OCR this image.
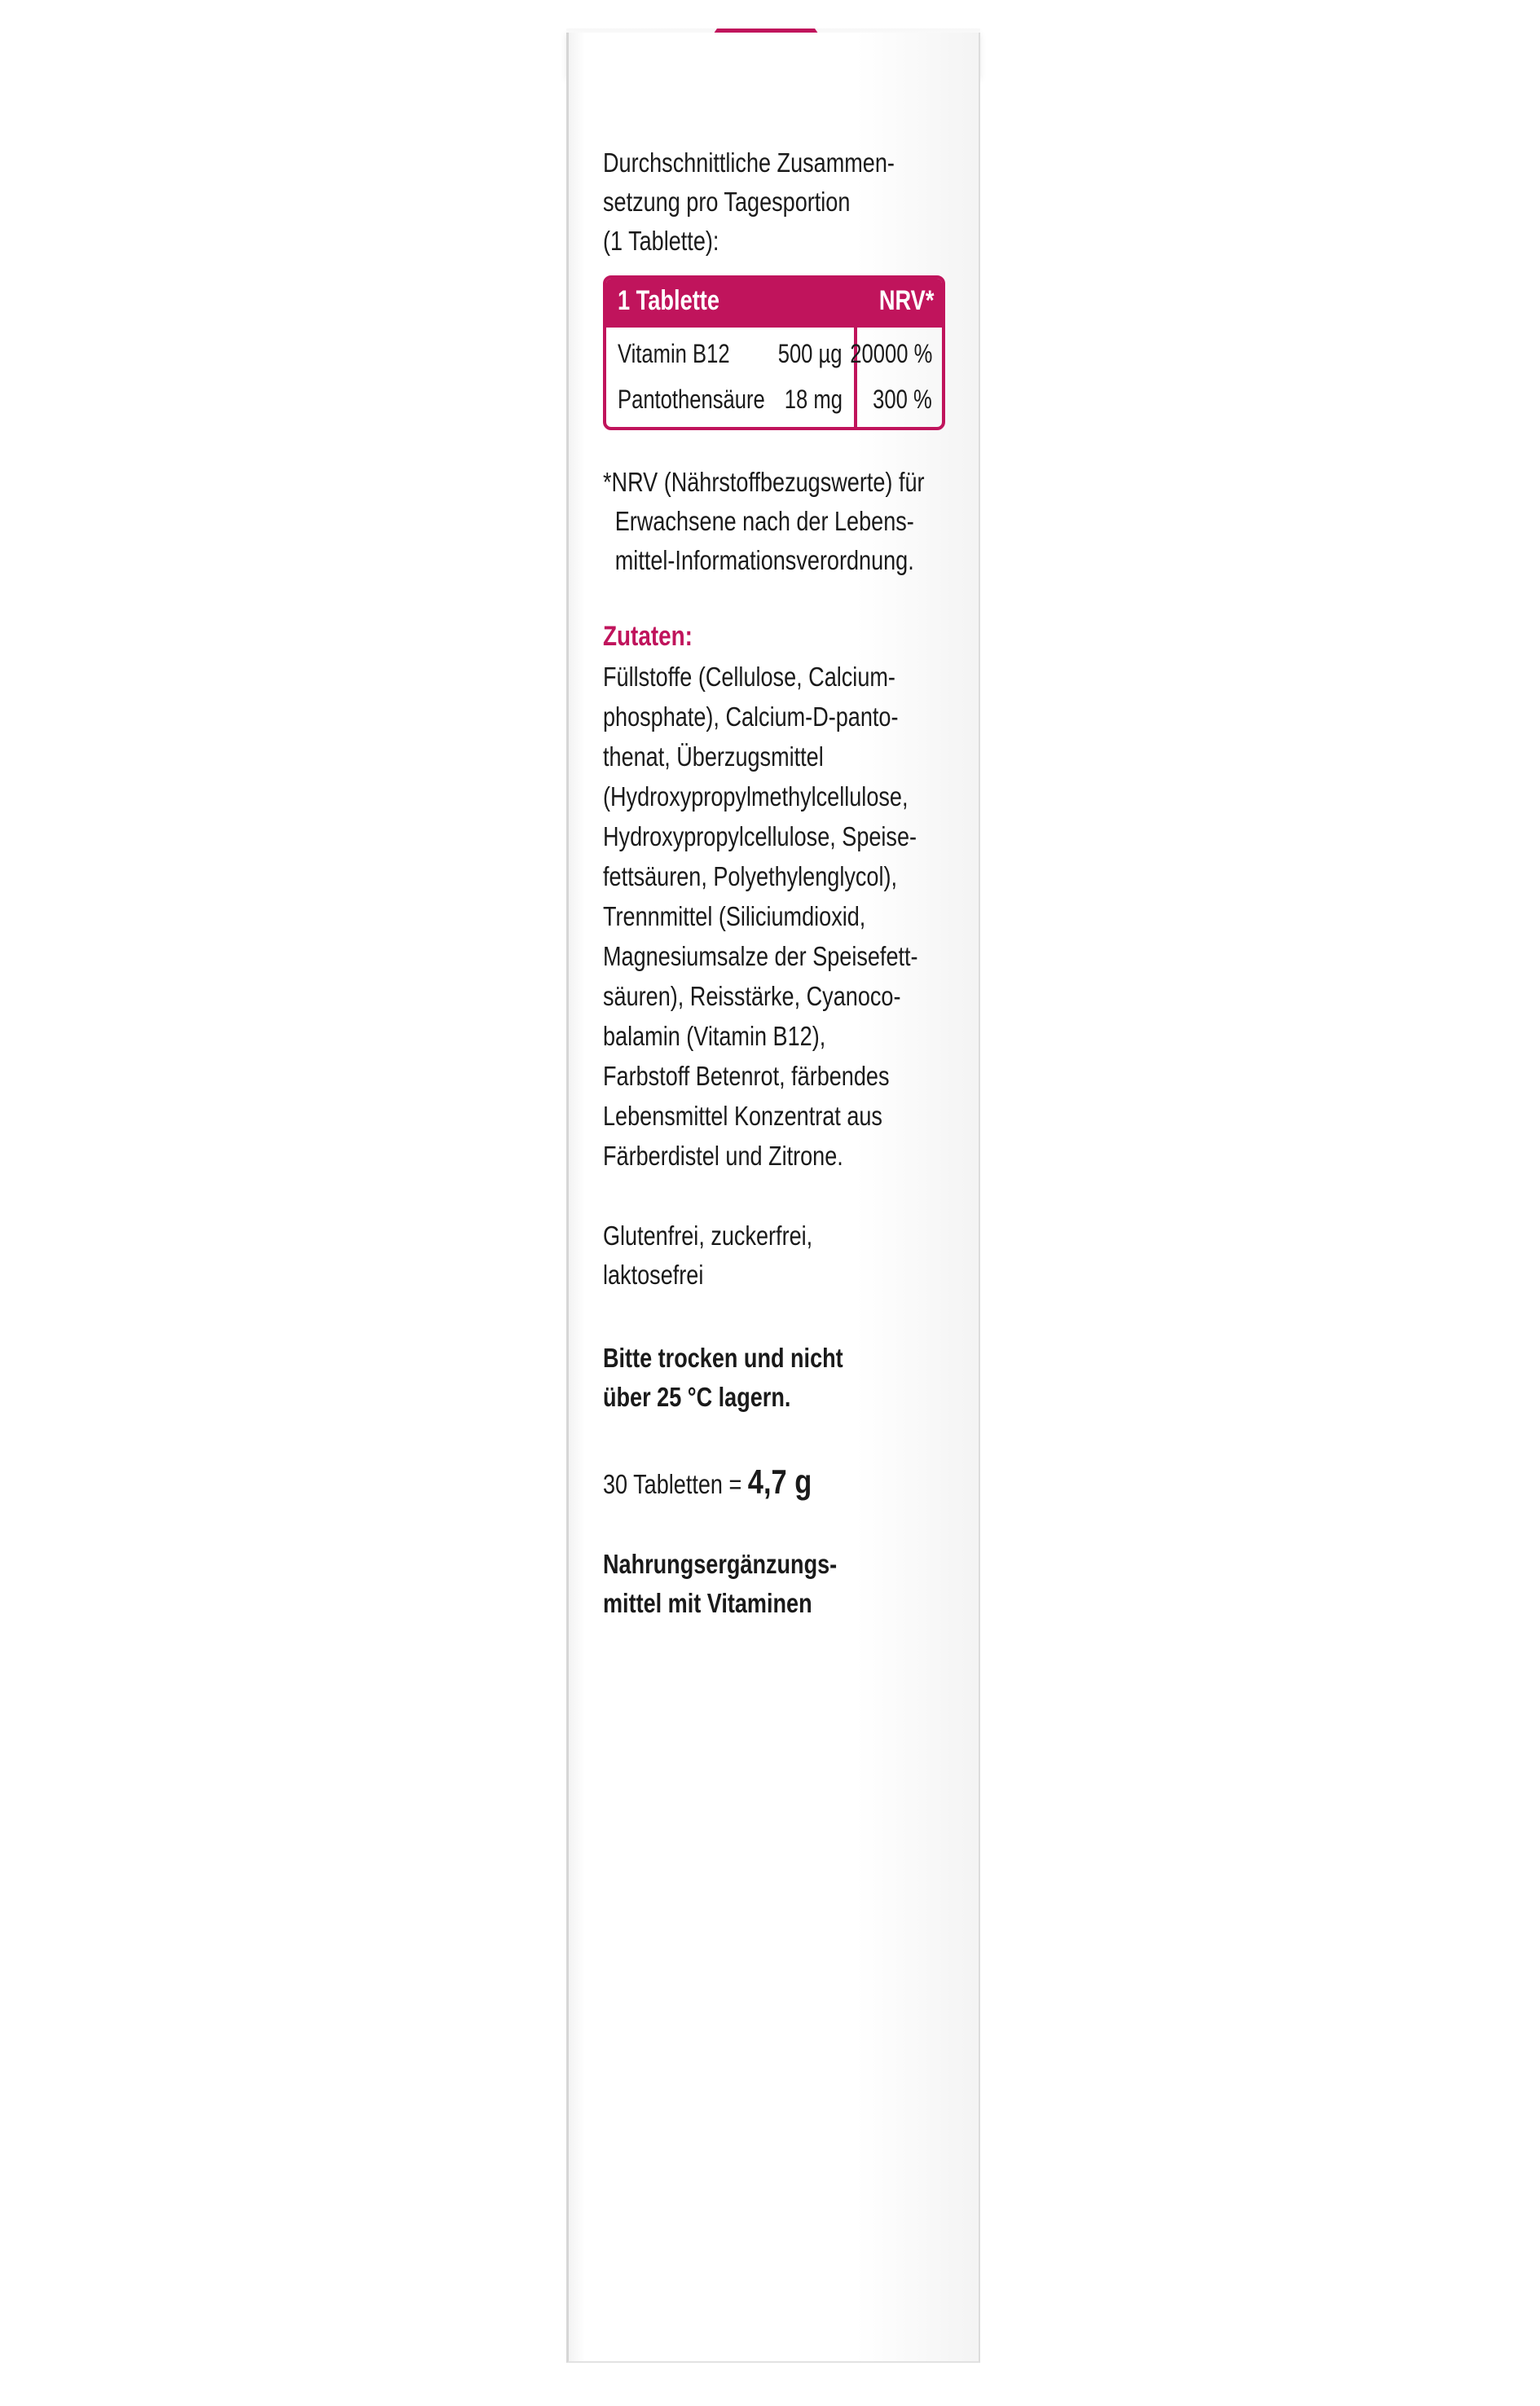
Durchschnittliche Zusammen-

setzung pro Tagesportion

(1 Tablette):

1 Tablette	NRV*
Vitamin B12 500 µg 20000 %
Pantothensäure 18 mg 300 %

*NRV (Nährstoffbezugswerte) für

Erwachsene nach der Lebens-

mittel-Informationsverordnung.

Zutaten:

Füllstoffe (Cellulose, Calcium-

phosphate), Calcium-D-panto-

thenat, Überzugsmittel

(Hydroxypropylmethylcellulose,

Hydroxypropylcellulose, Speise-

fettsäuren, Polyethylenglycol),

Trennmittel (Siliciumdioxid,

Magnesiumsalze der Speisefett-

säuren), Reisstärke, Cyanoco-

balamin (Vitamin B12),

Farbstoff Betenrot, färbendes

Lebensmittel Konzentrat aus

Färberdistel und Zitrone.

Glutenfrei, zuckerfrei,

laktosefrei

Bitte trocken und nicht

über 25 °C lagern.

30 Tabletten = 4,7 g

Nahrungsergänzungs-

mittel mit Vitaminen
